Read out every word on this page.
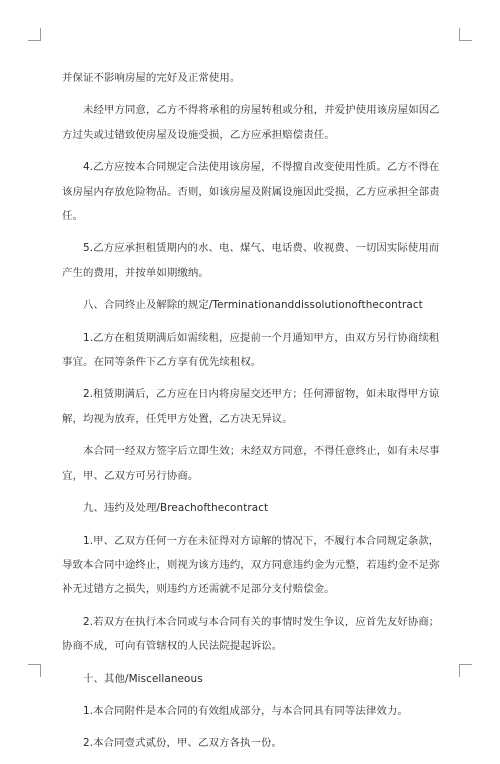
并保证不影响房屋的完好及正常使用。

未经甲方同意，乙方不得将承租的房屋转租或分租，并爱护使用该房屋如因乙方过失或过错致使房屋及设施受损，乙方应承担赔偿责任。

4.乙方应按本合同规定合法使用该房屋，不得擅自改变使用性质。乙方不得在该房屋内存放危险物品。否则，如该房屋及附属设施因此受损，乙方应承担全部责任。

5.乙方应承担租赁期内的水、电、煤气、电话费、收视费、一切因实际使用而产生的费用，并按单如期缴纳。

八、合同终止及解除的规定/Terminationanddissolutionofthecontract

1.乙方在租赁期满后如需续租，应提前一个月通知甲方，由双方另行协商续租事宜。在同等条件下乙方享有优先续租权。

2.租赁期满后，乙方应在日内将房屋交还甲方；任何滞留物，如未取得甲方谅解，均视为放弃，任凭甲方处置，乙方决无异议。

本合同一经双方签字后立即生效；未经双方同意，不得任意终止，如有未尽事宜，甲、乙双方可另行协商。

九、违约及处理/Breachofthecontract

1.甲、乙双方任何一方在未征得对方谅解的情况下，不履行本合同规定条款，导致本合同中途终止，则视为该方违约，双方同意违约金为元整，若违约金不足弥补无过错方之损失，则违约方还需就不足部分支付赔偿金。

2.若双方在执行本合同或与本合同有关的事情时发生争议，应首先友好协商；协商不成，可向有管辖权的人民法院提起诉讼。

十、其他/Miscellaneous

1.本合同附件是本合同的有效组成部分，与本合同具有同等法律效力。

2.本合同壹式贰份，甲、乙双方各执一份。
